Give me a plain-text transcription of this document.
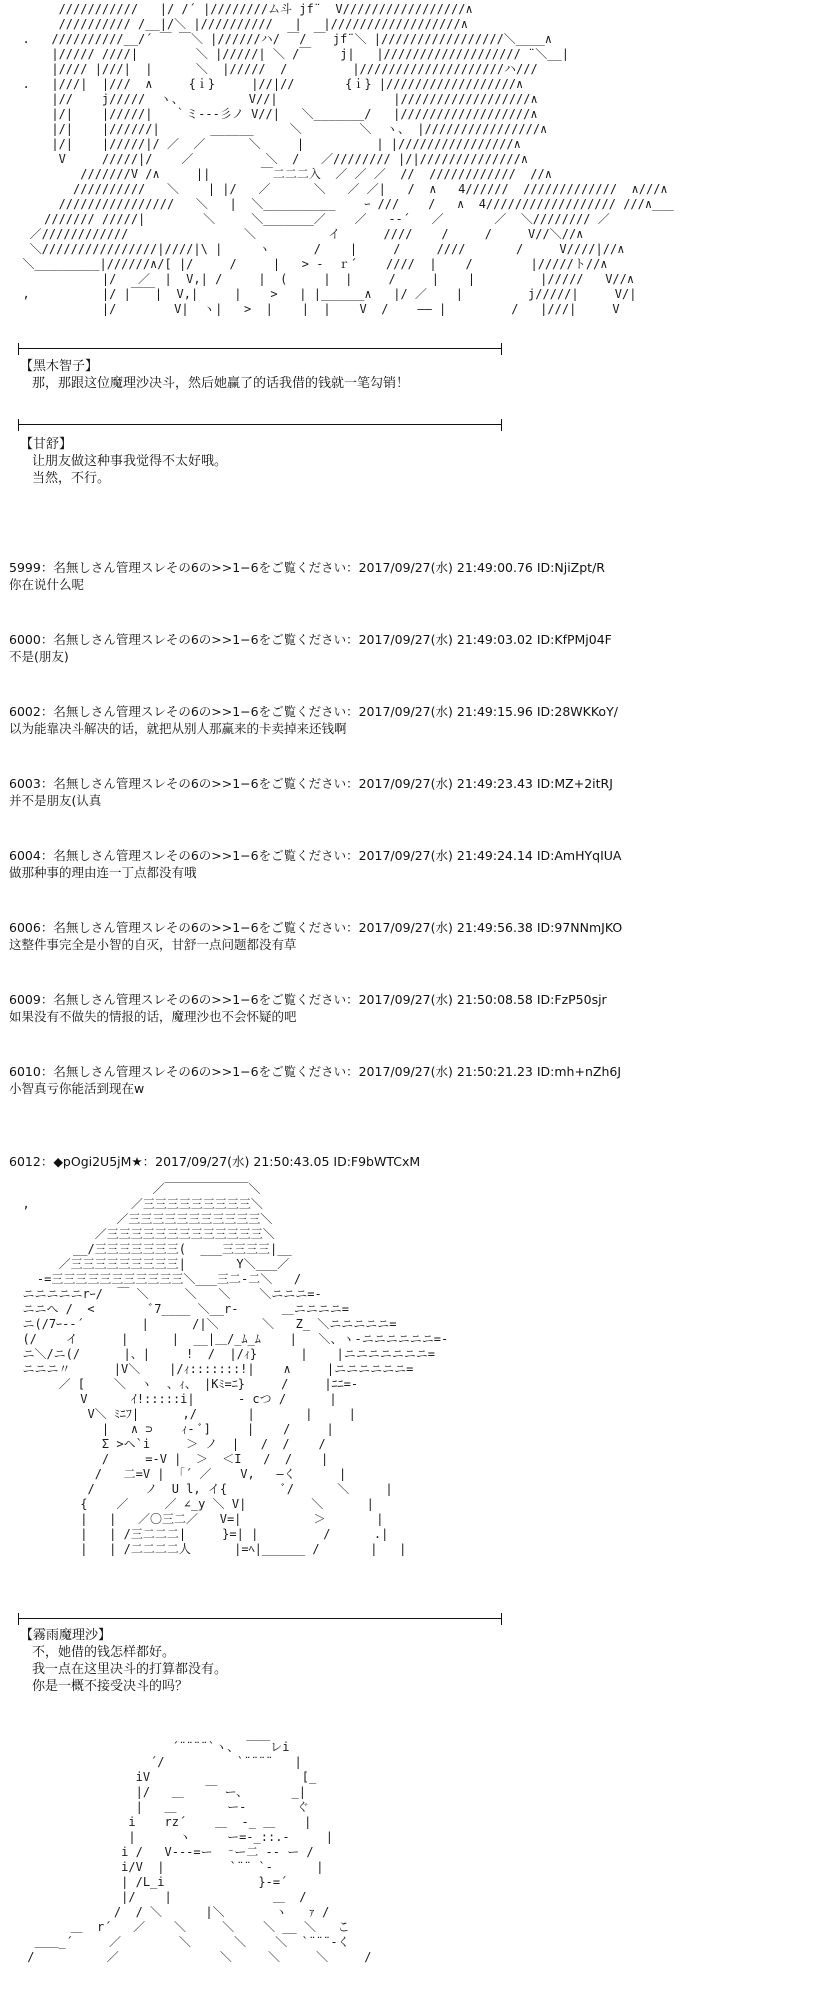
///////////   |/ /´ |////////ム斗 jf¨  V/////////////////∧
////////// /__|/＼ |//////////   |   |//////////////////∧
.   //////////__/´ ￣ ￣＼ |//////ハ/ ￣/ ￣ jf¨＼ |/////////////////＼____∧
|///// ////|        ＼ |/////| ＼ /￣    j|   |/////////////////// ¨＼__|
|//// |///|  |      ＼  |/////  /         |////////////////////ハ///
.   |///|  |///  ∧     {ｉ}     |//|//       {ｉ} |//////////////////∧
|//    j/////  ヽ、         V//|                |//////////////////∧
|/|    |/////|   ｀ミ‐‐‐彡ノ V//|   ＼_______/   |//////////////////∧
|/|    |//////|       ______     ＼        ＼  ヽ、 |////////////////∧
|/|    |/////|/ ／  ／      ＼     |          | |////////////////∧
V     /////|/    ／          ＼  /   ／//////// |/|//////////////∧
///////V /∧     ||       ￣二二二入  ／ ／ ／  //  ////////////  //∧
//////////   ＼    | |/   ／      ＼   ／ ／|   /  ∧   4//////  /////////////  ∧///∧
////////////////   ＼   |  ＼__________    ｰ ///    /   ∧  4////////////////// ///∧___
/////// /////|        ＼     ＼_______／    ／   ‐-´   ／       ／  ＼//////// ／
／////////////                ＼          イ      ////    /     /     V//＼//∧
＼////////////////|////|\ |     ヽ      /    |     /     ////       /     V////|//∧
＼_________|//////∧/[ |/     /     |   > ‐  ｒ´    ////  |    /        |/////ト//∧
|/   ／  |  V,| /     |  (     |  |     /     |    |         |/////   V//∧
,          |/ |￣￣|  V,|     |    >   | |______∧   |/ ／    |         j/////|     V/|
|/        V|  ヽ|   >  |    |  |    V  /    ―― |         /   |///|     V
【黑木智子】
那，那跟这位魔理沙决斗，然后她赢了的话我借的钱就一笔勾销！
【甘舒】
让朋友做这种事我觉得不太好哦。
当然，不行。
5999：名無しさん管理スレその6の>>1−6をご覧ください：2017/09/27(水) 21:49:00.76 ID:NjiZpt/R
你在说什么呢
6000：名無しさん管理スレその6の>>1−6をご覧ください：2017/09/27(水) 21:49:03.02 ID:KfPMj04F
不是(朋友)
6002：名無しさん管理スレその6の>>1−6をご覧ください：2017/09/27(水) 21:49:15.96 ID:28WKKoY/
以为能靠决斗解决的话，就把从别人那赢来的卡卖掉来还钱啊
6003：名無しさん管理スレその6の>>1−6をご覧ください：2017/09/27(水) 21:49:23.43 ID:MZ+2itRJ
并不是朋友(认真
6004：名無しさん管理スレその6の>>1−6をご覧ください：2017/09/27(水) 21:49:24.14 ID:AmHYqIUA
做那种事的理由连一丁点都没有哦
6006：名無しさん管理スレその6の>>1−6をご覧ください：2017/09/27(水) 21:49:56.38 ID:97NNmJKO
这整件事完全是小智的自灭，甘舒一点问题都没有草
6009：名無しさん管理スレその6の>>1−6をご覧ください：2017/09/27(水) 21:50:08.58 ID:FzP50sjr
如果没有不做失的情报的话，魔理沙也不会怀疑的吧
6010：名無しさん管理スレその6の>>1−6をご覧ください：2017/09/27(水) 21:50:21.23 ID:mh+nZh6J
小智真亏你能活到现在w
6012：◆pOgi2U5jM★：2017/09/27(水) 21:50:43.05 ID:F9bWTCxM
／￣￣￣￣￣￣￣＼
,              ／三三三三三三三三三＼
／三三三三三三三三三三三＼
／三三三三三三三三三三三三三＼
__/三三三三三三三(  ___三三三三|__
／三三三三三三三三三|       Y＼___／
‐=三三三三三三三三三三三＼___三二-二＼   /
ニニニニニrｰ/  ￣ ＼     ＼   ＼    ＼ニニニ=-
ニニへ /  <        ﾞ7____ ＼__r‐      ＿ニニニニ=
ニ(/7ｰ-‐´        |      /|＼      ＼   Z_ ＼ニニニニニ=
(/    イ      |      |  __|＿/_ﾑ_ﾑ    |   ＼、ヽ-ニニニニニニ=-
ニ＼/ニ(/      |、|     !  /  |/ｨ}      |    |ニニニニニニニ=
ニニニ〃      |V＼    |/ｨ:::::::!|    ∧     |ニニニニニニ=
／ [    ＼  ヽ  、ｨ、 |Kﾐ=ﾆ}     /     |ﾆﾆ=-
V      ｲ!:::::i|      ‐ cつ /      |
V＼ ﾐﾆﾌ|      ,/       |       |     |
|   ∧ ⊃    ｨ‐ ﾞ]     |    /     |
Σ >ヘ`i     ＞ ノ  |   /  /    /
/     =-V |  ＞  ＜I   /  /    |
/   二=V |  ｢´ ／    V,   ―く      |
/       ノ  U l, イ{        ﾞ/      ＼     |
{    ／     ／ ∠_y ＼ V|         ＼      |
|   |   ／〇三二／   V=|          ＞       |
|   | /三二二二|     }=| |         /      .|
|   | /二二二二人      |=ﾍ|______ /       |   |
【霧雨魔理沙】
不，她借的钱怎样都好。
我一点在这里决斗的打算都没有。
你是一概不接受决斗的吗？
´¨¨¨¨`ヽ、 ￣￣レi
´/          `¨¨¨¨   |
iV                     [_
|/   ＿   ￣ ー、      _|
|   ＿       ー-       ぐ
i    rz´    ＿  ‐_ ＿    |
|      ヽ     ー=-_::.-     |
i /   V‐‐‐=ー  ⁻ー二 ‐‐ ー /
i/V  |         `¨¨ `‐      |
| /L_i             }‐=´
|/    |              ＿  /
/  / ＼      |＼       ヽ   ｧ /
＿  r´   ／    ＼     ＼    ＼ __ ＼   こ
＿＿_´     ／        ＼      ＼    ＼  `¨¨¨‐く
/          ／              ＼     ＼     ＼     /
